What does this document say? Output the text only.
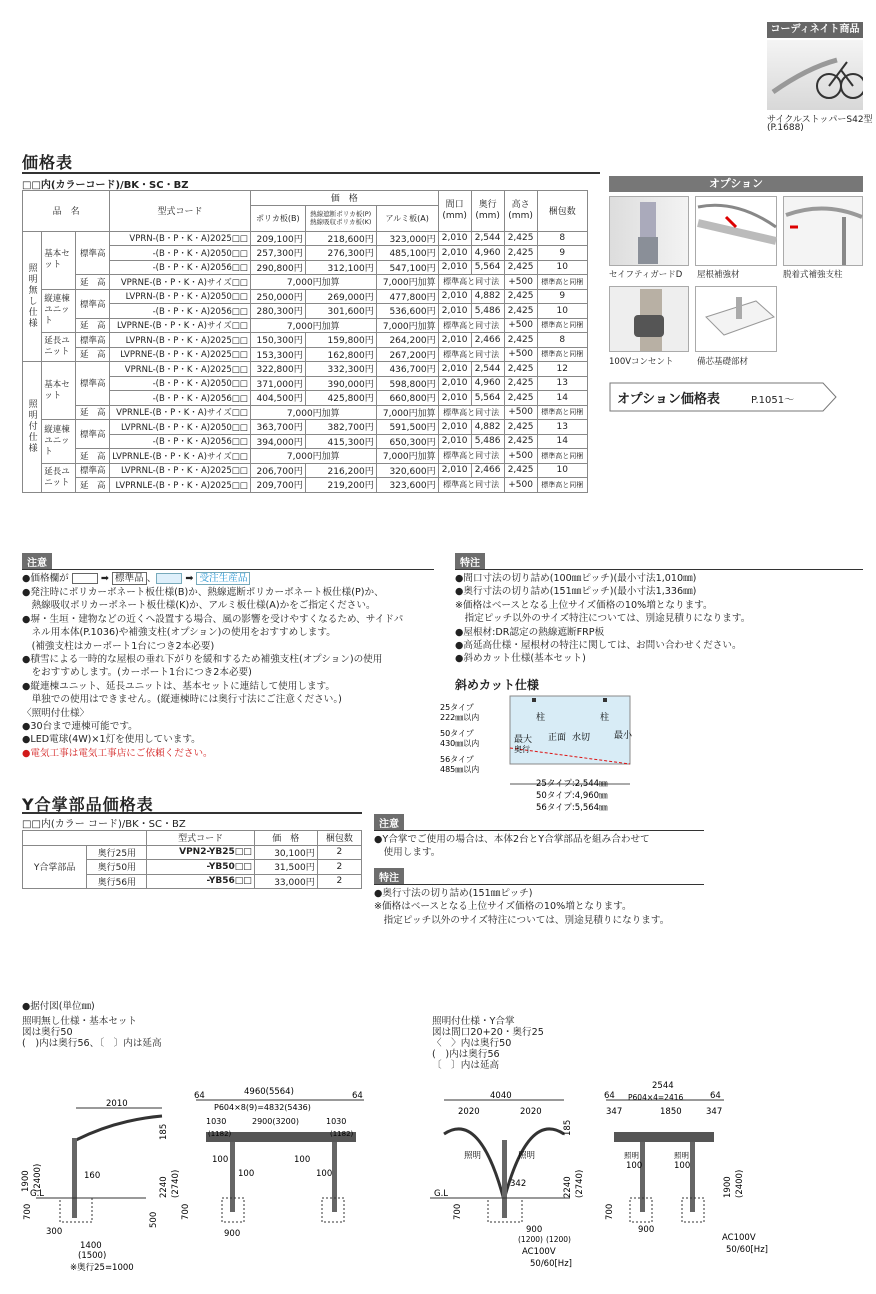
コーディネイト商品
サイクルストッパーS42型
(P.1688)
価格表
□□内(カラーコード)/BK・SC・BZ
品　名			型式コード	価　格			間口
(mm)	奥行
(mm)	高さ
(mm)	梱包数
				ポリカ板(B)	熱線遮断ポリカ板(P)
熱線吸収ポリカ板(K)	アルミ板(A)				
照明無し仕様	基本セット	標準高	VPRN-(B・P・K・A)2025□□	209,100円	218,600円	323,000円	2,010	2,544	2,425	8
			-(B・P・K・A)2050□□	257,300円	276,300円	485,100円	2,010	4,960	2,425	9
			-(B・P・K・A)2056□□	290,800円	312,100円	547,100円	2,010	5,564	2,425	10
		延　高	VPRNE-(B・P・K・A)サイズ□□	7,000円加算		7,000円加算	標準高と同寸法		+500	標準高と同梱
	縦連棟ユニット	標準高	LVPRN-(B・P・K・A)2050□□	250,000円	269,000円	477,800円	2,010	4,882	2,425	9
			-(B・P・K・A)2056□□	280,300円	301,600円	536,600円	2,010	5,486	2,425	10
		延　高	LVPRNE-(B・P・K・A)サイズ□□	7,000円加算		7,000円加算	標準高と同寸法		+500	標準高と同梱
	延長ユニット	標準高	LVPRN-(B・P・K・A)2025□□	150,300円	159,800円	264,200円	2,010	2,466	2,425	8
		延　高	LVPRNE-(B・P・K・A)2025□□	153,300円	162,800円	267,200円	標準高と同寸法		+500	標準高と同梱
照明付仕様	基本セット	標準高	VPRNL-(B・P・K・A)2025□□	322,800円	332,300円	436,700円	2,010	2,544	2,425	12
			-(B・P・K・A)2050□□	371,000円	390,000円	598,800円	2,010	4,960	2,425	13
			-(B・P・K・A)2056□□	404,500円	425,800円	660,800円	2,010	5,564	2,425	14
		延　高	VPRNLE-(B・P・K・A)サイズ□□	7,000円加算		7,000円加算	標準高と同寸法		+500	標準高と同梱
	縦連棟ユニット	標準高	LVPRNL-(B・P・K・A)2050□□	363,700円	382,700円	591,500円	2,010	4,882	2,425	13
			-(B・P・K・A)2056□□	394,000円	415,300円	650,300円	2,010	5,486	2,425	14
		延　高	LVPRNLE-(B・P・K・A)サイズ□□	7,000円加算		7,000円加算	標準高と同寸法		+500	標準高と同梱
	延長ユニット	標準高	LVPRNL-(B・P・K・A)2025□□	206,700円	216,200円	320,600円	2,010	2,466	2,425	10
		延　高	LVPRNLE-(B・P・K・A)2025□□	209,700円	219,200円	323,600円	標準高と同寸法		+500	標準高と同梱
オプション
セイフティガードD 屋根補強材	脱着式補強支柱
100Vコンセント	備芯基礎部材
オプション価格表	P.1051〜
注意
●価格欄が	➡ 標準品 、	➡ 受注生産品
●発注時にポリカーボネート板仕様(B)か、熱線遮断ポリカーボネート板仕様(P)か、
　熱線吸収ポリカーボネート板仕様(K)か、アルミ板仕様(A)かをご指定ください。
●塀・生垣・建物などの近くへ設置する場合、風の影響を受けやすくなるため、サイドパ
　ネル用本体(P.1036)や補強支柱(オプション)の使用をおすすめします。
　(補強支柱はカーポート1台につき2本必要)
●積雪による一時的な屋根の垂れ下がりを緩和するため補強支柱(オプション)の使用
　をおすすめします。(カーポート1台につき2本必要)
●縦連棟ユニット、延長ユニットは、基本セットに連結して使用します。
　単独での使用はできません。(縦連棟時には奥行寸法にご注意ください。)
〈照明付仕様〉
●30台まで連棟可能です。
●LED電球(4W)×1灯を使用しています。
●電気工事は電気工事店にご依頼ください。
特注
●間口寸法の切り詰め(100㎜ピッチ)(最小寸法1,010㎜)
●奥行寸法の切り詰め(151㎜ピッチ)(最小寸法1,336㎜)
※価格はベースとなる上位サイズ価格の10%増となります。
　指定ピッチ以外のサイズ特注については、別途見積りになります。
●屋根材:DR認定の熱線遮断FRP板
●高延高仕様・屋根材の特注に関しては、お問い合わせください。
●斜めカット仕様(基本セット)
斜めカット仕様
柱	柱
正面 水切
最大
奥行
最小
25タイプ
222㎜以内
50タイプ
430㎜以内
56タイプ
485㎜以内
25タイプ:2,544㎜
50タイプ:4,960㎜
56タイプ:5,564㎜
Y合掌部品価格表
□□内(カラー コード)/BK・SC・BZ
		型式コード	価　格	梱包数
Y合掌部品	奥行25用	VPN2-YB25□□	30,100円	2
	奥行50用	-YB50□□	31,500円	2
	奥行56用	-YB56□□	33,000円	2
注意
●Y合掌でご使用の場合は、本体2台とY合掌部品を組み合わせて
　使用します。
特注
●奥行寸法の切り詰め(151㎜ピッチ)
※価格はベースとなる上位サイズ価格の10%増となります。
　指定ピッチ以外のサイズ特注については、別途見積りになります。
●据付図(単位㎜)
照明無し仕様・基本セット
図は奥行50
(　)内は奥行56、〔　〕内は延高
照明付仕様・Y合掌
図は間口20+20・奥行25
〈　〉内は奥行50
(　)内は奥行56
〔　〕内は延高
2010
185
1900 (2400)	2240 (2740)
160
G.L
700	500
300
1400
(1500)
※奥行25=1000
4960(5564)
64	64
P604×8(9)=4832(5436)
1030	2900(3200)	1030
(1182)	(1182)
100
100
100
100
700
900
4040
2020	2020
185
照明	照明
342	2240 (2740)
G.L
700
900
(1200) (1200)
AC100V
50/60[Hz]
2544
64	64
P604×4=2416
347	1850	347
照明	照明
100	100
1900 (2400)
700
900
AC100V
50/60[Hz]
